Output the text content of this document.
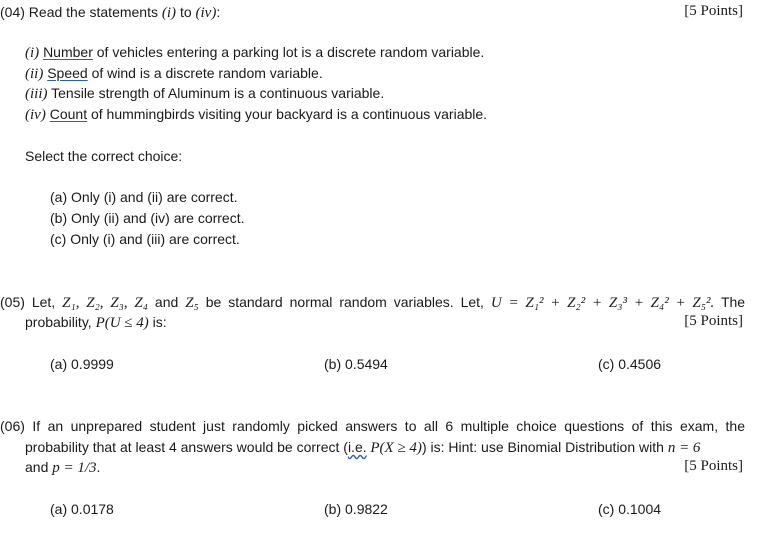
(04) Read the statements (i) to (iv):	[5 Points]
(i) Number of vehicles entering a parking lot is a discrete random variable.
(ii) Speed of wind is a discrete random variable.
(iii) Tensile strength of Aluminum is a continuous variable.
(iv) Count of hummingbirds visiting your backyard is a continuous variable.
Select the correct choice:
(a) Only (i) and (ii) are correct.
(b) Only (ii) and (iv) are correct.
(c) Only (i) and (iii) are correct.
(05) Let, Z₁, Z₂, Z₃, Z₄ and Z₅ be standard normal random variables. Let, U = Z₁² + Z₂² + Z₃³ + Z₄² + Z₅². The
probability, P(U ≤ 4) is:	[5 Points]
(a) 0.9999	(b) 0.5494	(c) 0.4506
(06) If an unprepared student just randomly picked answers to all 6 multiple choice questions of this exam, the
probability that at least 4 answers would be correct (i.e. P(X ≥ 4)) is: Hint: use Binomial Distribution with n = 6
and p = 1/3.	[5 Points]
(a) 0.0178	(b) 0.9822	(c) 0.1004
